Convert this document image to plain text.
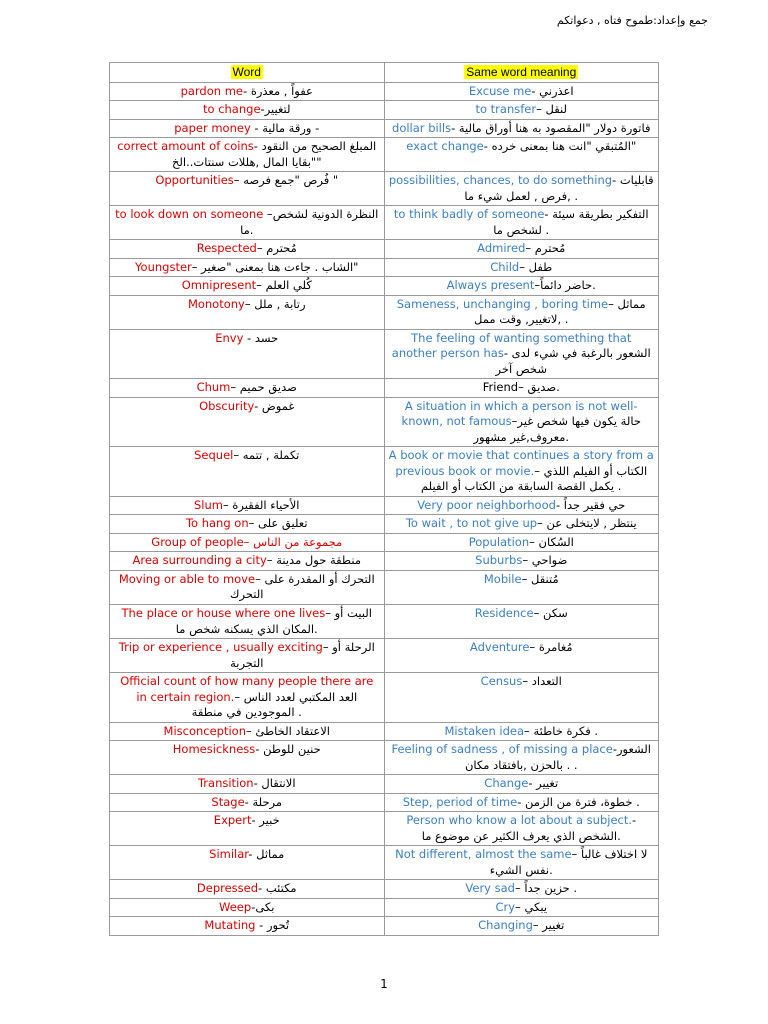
جمع وإعداد:طموح فتاه , دعواتكم
Word	Same word meaning

pardon me- عفواً , معذرة	Excuse me- اعذرني

to change-لتغيير	to transfer– لنقل

paper money - ورقة مالية -	dollar bills- فاتورة دولار "المقصود به هنا أوراق مالية

correct amount of coins- المبلغ الصحيح من النقود "بقايا المال ,هللات سنتات..الخ"	exact change- المُتبقي "انت هنا بمعنى خرده"

Opportunities– فُرص "جمع فرصه "	possibilities, chances, to do something- قابليات ,فرص , لعمل شيء ما .

to look down on someone –النظرة الدونية لشخص ما.	to think badly of someone- التفكير بطريقة سيئة لشخص ما .

Respected– مُحترم	Admired– مُحترم

Youngster– الشاب . جاءت هنا بمعنى "صغير"	Child– طفل

Omnipresent– كُلي العلم	Always present–حاضر دائماً.

Monotony– رتابة , ملل	Sameness, unchanging , boring time– مماثل ,لاتغيير, وقت ممل .

Envy - حسد	The feeling of wanting something that another person has- الشعور بالرغبة في شيء لدى شخص آخر

Chum– صديق حميم	Friend– صديق.

Obscurity- غموض	A situation in which a person is not well-known, not famous–حالة يكون فيها شخص غير معروف,غير مشهور.

Sequel– تكملة , تتمه	A book or movie that continues a story from a previous book or movie.– الكتاب أو الفيلم اللذي يكمل القصة السابقة من الكتاب أو الفيلم .

Slum– الأحياء الفقيرة	Very poor neighborhood- حي فقير جداً

To hang on– تعليق على	To wait , to not give up– ينتظر , لايتخلى عن

Group of people– مجموعة من الناس	Population– السُكان

Area surrounding a city– منطقة حول مدينة	Suburbs– ضواحي

Moving or able to move– التحرك أو المقدرة على التحرك	Mobile– مُتنقل

The place or house where one lives– البيت أو المكان الذي يسكنه شخص ما.	Residence– سكن

Trip or experience , usually exciting– الرحلة أو التجربة	Adventure– مُغامرة

Official count of how many people there are in certain region.– العد المكتبي لعدد الناس الموجودين في منطقة .	Census– التعداد

Misconception– الاعتقاد الخاطئ	Mistaken idea– فكرة خاطئة .

Homesickness- حنين للوطن	Feeling of sadness , of missing a place-الشعور بالحزن ,بافتقاد مكان . .

Transition- الانتقال	Change- تغيير

Stage- مرحلة	Step, period of time- خطوة، فترة من الزمن .

Expert- خبير	Person who know a lot about a subject.-الشخص الذي يعرف الكثير عن موضوع ما.

Similar- مماثل	Not different, almost the same– لا اختلاف غالباً نفس الشيء.

Depressed- مكتئب	Very sad– حزين جداً .

Weep-بكى	Cry– يبكي

Mutating - تُحور	Changing– تغيير
1
